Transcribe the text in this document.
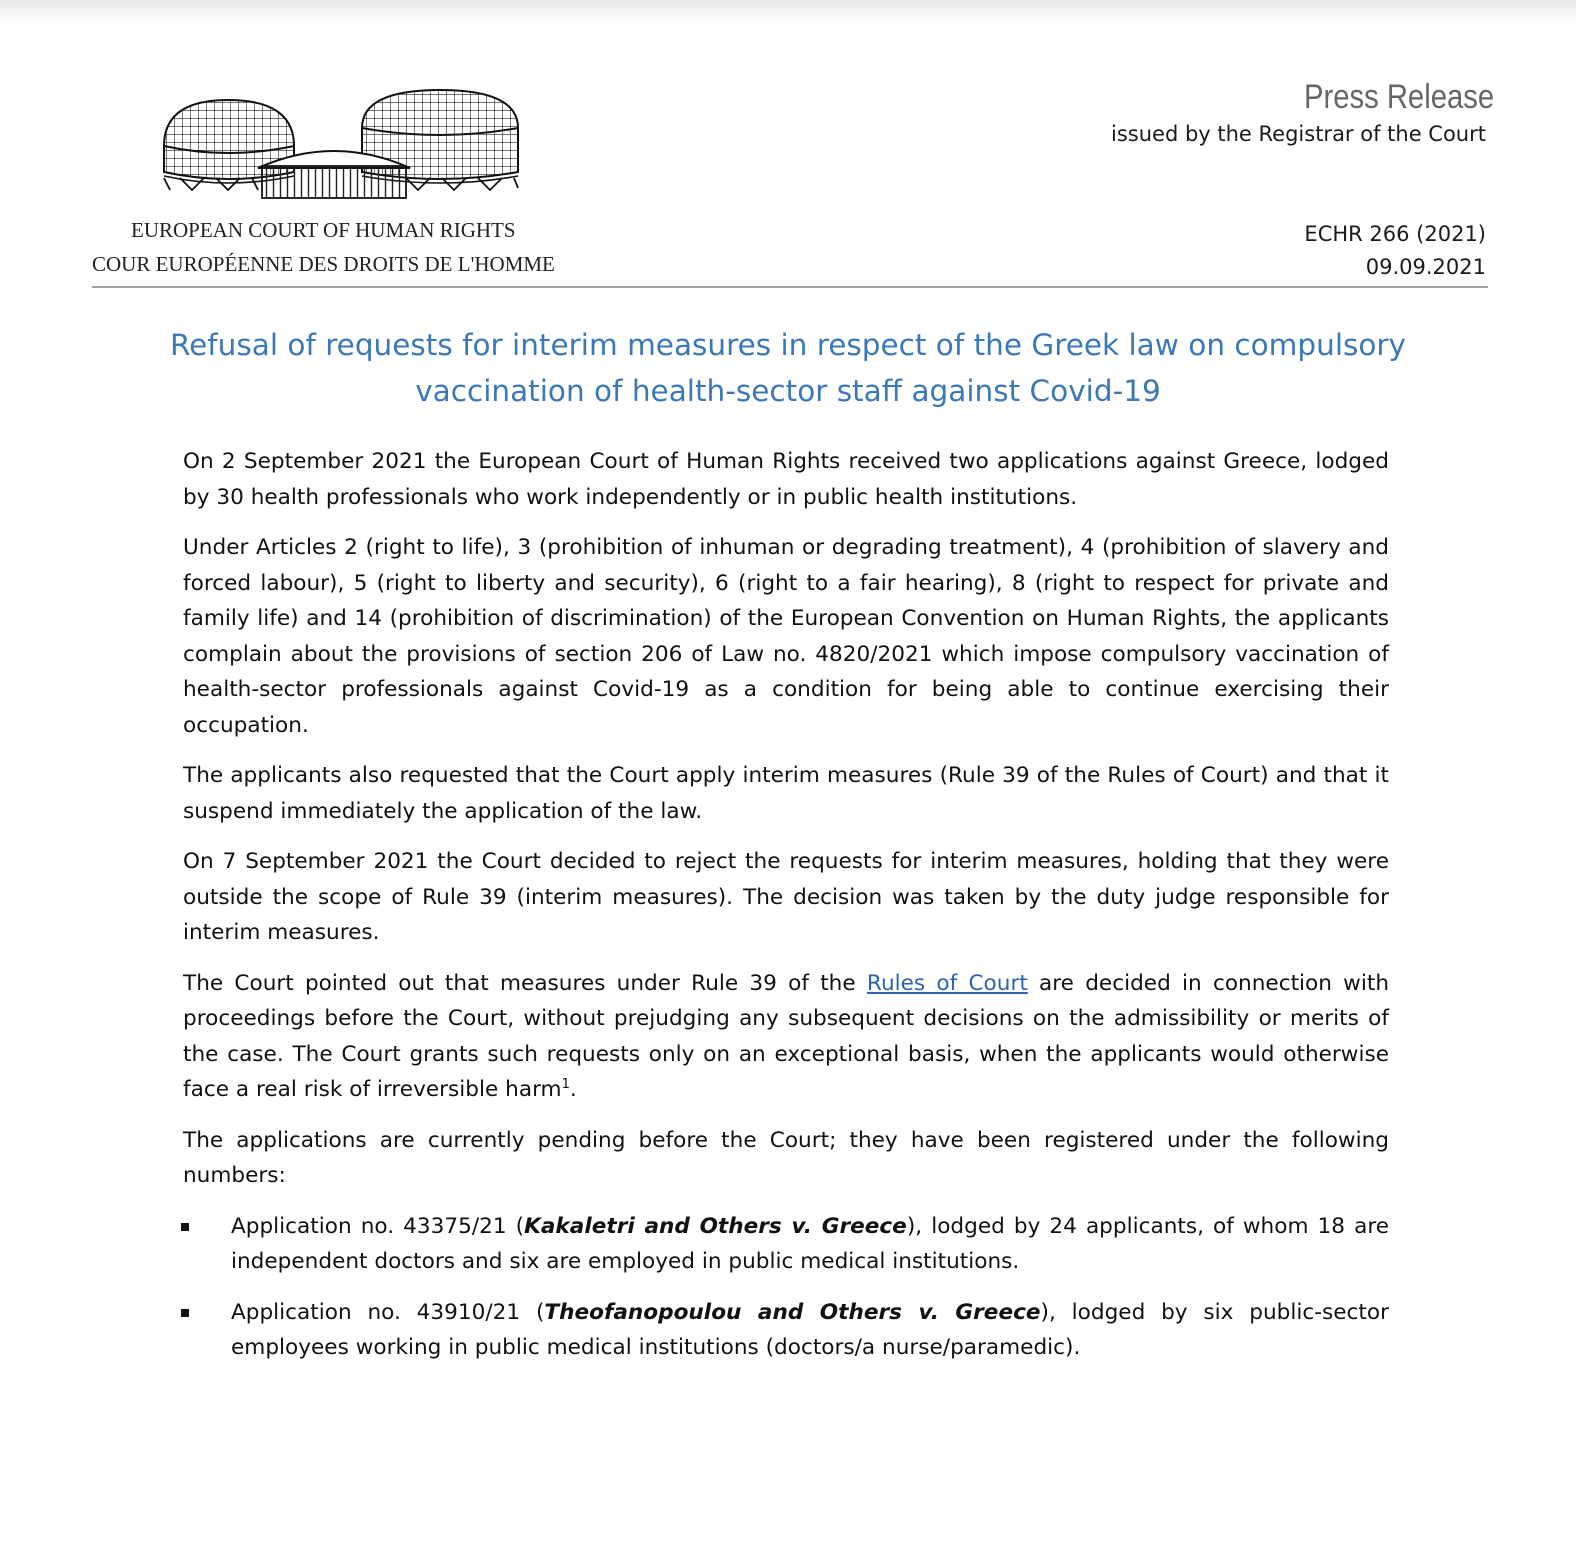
EUROPEAN COURT OF HUMAN RIGHTS
COUR EUROPÉENNE DES DROITS DE L'HOMME
Press Release
issued by the Registrar of the Court
ECHR 266 (2021)
09.09.2021
Refusal of requests for interim measures in respect of the Greek law on compulsory vaccination of health-sector staff against Covid-19

On 2 September 2021 the European Court of Human Rights received two applications against Greece, lodged by 30 health professionals who work independently or in public health institutions.

Under Articles 2 (right to life), 3 (prohibition of inhuman or degrading treatment), 4 (prohibition of slavery and forced labour), 5 (right to liberty and security), 6 (right to a fair hearing), 8 (right to respect for private and family life) and 14 (prohibition of discrimination) of the European Convention on Human Rights, the applicants complain about the provisions of section 206 of Law no. 4820/2021 which impose compulsory vaccination of health-sector professionals against Covid-19 as a condition for being able to continue exercising their occupation.

The applicants also requested that the Court apply interim measures (Rule 39 of the Rules of Court) and that it suspend immediately the application of the law.

On 7 September 2021 the Court decided to reject the requests for interim measures, holding that they were outside the scope of Rule 39 (interim measures). The decision was taken by the duty judge responsible for interim measures.

The Court pointed out that measures under Rule 39 of the Rules of Court are decided in connection with proceedings before the Court, without prejudging any subsequent decisions on the admissibility or merits of the case. The Court grants such requests only on an exceptional basis, when the applicants would otherwise face a real risk of irreversible harm$^1$.

The applications are currently pending before the Court; they have been registered under the following numbers:

Application no. 43375/21 (Kakaletri and Others v. Greece), lodged by 24 applicants, of whom 18 are independent doctors and six are employed in public medical institutions.
Application no. 43910/21 (Theofanopoulou and Others v. Greece), lodged by six public-sector employees working in public medical institutions (doctors/a nurse/paramedic).
